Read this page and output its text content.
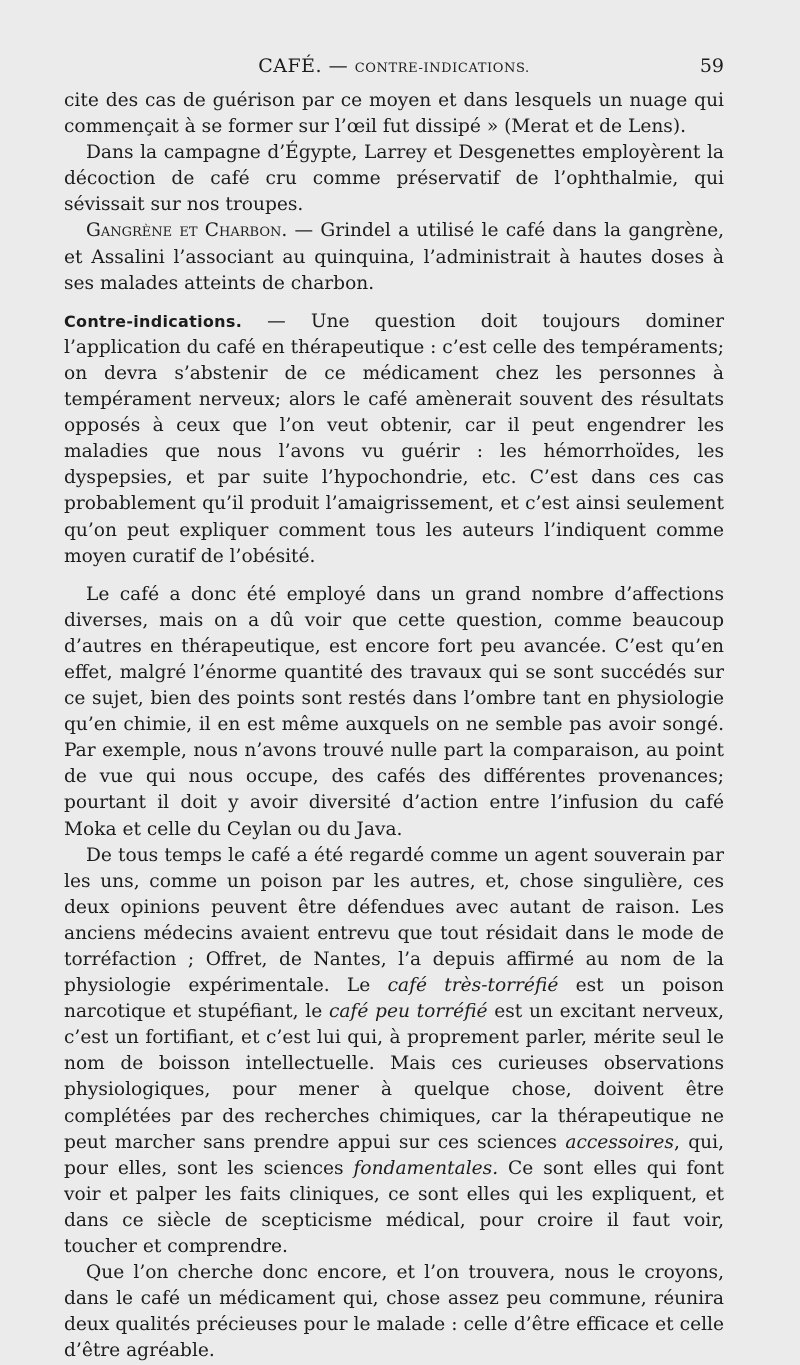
CAFÉ. — CONTRE-INDICATIONS.	59

cite des cas de guérison par ce moyen et dans lesquels un nuage qui commençait à se former sur l’œil fut dissipé » (Merat et de Lens).

Dans la campagne d’Égypte, Larrey et Desgenettes employèrent la décoction de café cru comme préservatif de l’ophthalmie, qui sévissait sur nos troupes.

Gangrène et Charbon. — Grindel a utilisé le café dans la gangrène, et Assalini l’associant au quinquina, l’administrait à hautes doses à ses malades atteints de charbon.

Contre-indications. — Une question doit toujours dominer l’application du café en thérapeutique : c’est celle des tempéraments; on devra s’abstenir de ce médicament chez les personnes à tempérament nerveux; alors le café amènerait souvent des résultats opposés à ceux que l’on veut obtenir, car il peut engendrer les maladies que nous l’avons vu guérir : les hémorrhoïdes, les dyspepsies, et par suite l’hypochondrie, etc. C’est dans ces cas probablement qu’il produit l’amaigrissement, et c’est ainsi seulement qu’on peut expliquer comment tous les auteurs l’indiquent comme moyen curatif de l’obésité.

Le café a donc été employé dans un grand nombre d’affections diverses, mais on a dû voir que cette question, comme beaucoup d’autres en thérapeutique, est encore fort peu avancée. C’est qu’en effet, malgré l’énorme quantité des travaux qui se sont succédés sur ce sujet, bien des points sont restés dans l’ombre tant en physiologie qu’en chimie, il en est même auxquels on ne semble pas avoir songé. Par exemple, nous n’avons trouvé nulle part la comparaison, au point de vue qui nous occupe, des cafés des différentes provenances; pourtant il doit y avoir diversité d’action entre l’infusion du café Moka et celle du Ceylan ou du Java.

De tous temps le café a été regardé comme un agent souverain par les uns, comme un poison par les autres, et, chose singulière, ces deux opinions peuvent être défendues avec autant de raison. Les anciens médecins avaient entrevu que tout résidait dans le mode de torréfaction ; Offret, de Nantes, l’a depuis affirmé au nom de la physiologie expérimentale. Le café très-torréfié est un poison narcotique et stupéfiant, le café peu torréfié est un excitant nerveux, c’est un fortifiant, et c’est lui qui, à proprement parler, mérite seul le nom de boisson intellectuelle. Mais ces curieuses observations physiologiques, pour mener à quelque chose, doivent être complétées par des recherches chimiques, car la thérapeutique ne peut marcher sans prendre appui sur ces sciences accessoires, qui, pour elles, sont les sciences fondamentales. Ce sont elles qui font voir et palper les faits cliniques, ce sont elles qui les expliquent, et dans ce siècle de scepticisme médical, pour croire il faut voir, toucher et comprendre.

Que l’on cherche donc encore, et l’on trouvera, nous le croyons, dans le café un médicament qui, chose assez peu commune, réunira deux qualités précieuses pour le malade : celle d’être efficace et celle d’être agréable.
